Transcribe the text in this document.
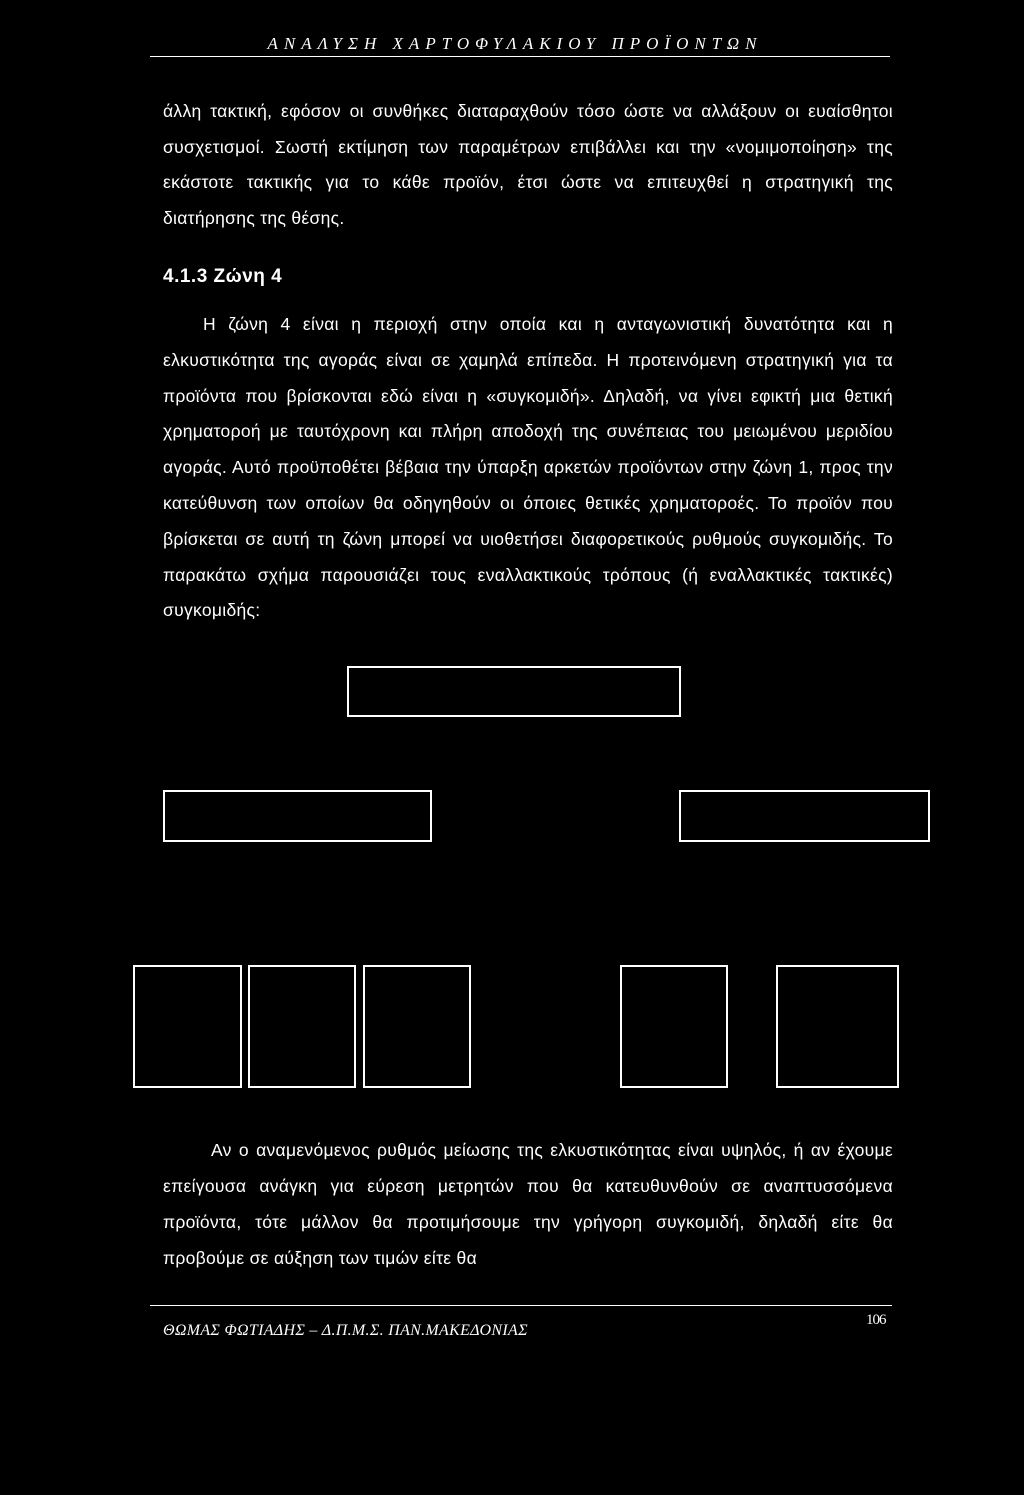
ΑΝΑΛΥΣΗ ΧΑΡΤΟΦΥΛΑΚΙΟΥ ΠΡΟΪΟΝΤΩΝ

άλλη τακτική, εφόσον οι συνθήκες διαταραχθούν τόσο ώστε να αλλάξουν οι ευαίσθητοι συσχετισμοί. Σωστή εκτίμηση των παραμέτρων επιβάλλει και την «νομιμοποίηση» της εκάστοτε τακτικής για το κάθε προϊόν, έτσι ώστε να επιτευχθεί η στρατηγική της διατήρησης της θέσης.

4.1.3 Ζώνη 4

Η ζώνη 4 είναι η περιοχή στην οποία και η ανταγωνιστική δυνατότητα και η ελκυστικότητα της αγοράς είναι σε χαμηλά επίπεδα. Η προτεινόμενη στρατηγική για τα προϊόντα που βρίσκονται εδώ είναι η «συγκομιδή». Δηλαδή, να γίνει εφικτή μια θετική χρηματοροή με ταυτόχρονη και πλήρη αποδοχή της συνέπειας του μειωμένου μεριδίου αγοράς. Αυτό προϋποθέτει βέβαια την ύπαρξη αρκετών προϊόντων στην ζώνη 1, προς την κατεύθυνση των οποίων θα οδηγηθούν οι όποιες θετικές χρηματοροές. Το προϊόν που βρίσκεται σε αυτή τη ζώνη μπορεί να υιοθετήσει διαφορετικούς ρυθμούς συγκομιδής. Το παρακάτω σχήμα παρουσιάζει τους εναλλακτικούς τρόπους (ή εναλλακτικές τακτικές) συγκομιδής:

Αν ο αναμενόμενος ρυθμός μείωσης της ελκυστικότητας είναι υψηλός, ή αν έχουμε επείγουσα ανάγκη για εύρεση μετρητών που θα κατευθυνθούν σε αναπτυσσόμενα προϊόντα, τότε μάλλον θα προτιμήσουμε την γρήγορη συγκομιδή, δηλαδή είτε θα προβούμε σε αύξηση των τιμών είτε θα

ΘΩΜΑΣ ΦΩΤΙΑΔΗΣ – Δ.Π.Μ.Σ. ΠΑΝ.ΜΑΚΕΔΟΝΙΑΣ
106
